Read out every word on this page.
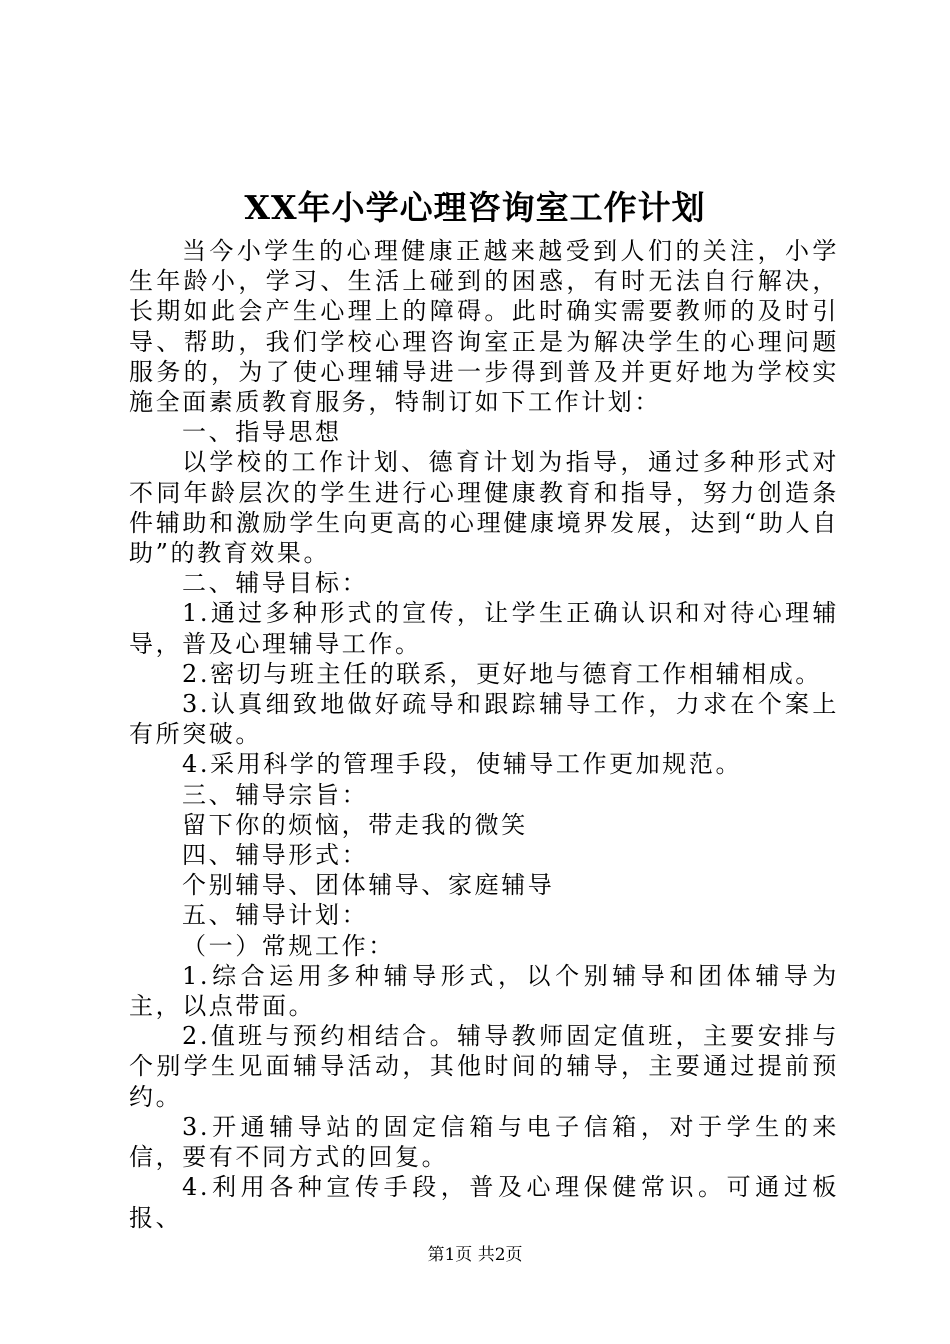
XX年小学心理咨询室工作计划

当今小学生的心理健康正越来越受到人们的关注，小学生年龄小，学习、生活上碰到的困惑，有时无法自行解决，长期如此会产生心理上的障碍。此时确实需要教师的及时引导、帮助，我们学校心理咨询室正是为解决学生的心理问题服务的，为了使心理辅导进一步得到普及并更好地为学校实施全面素质教育服务，特制订如下工作计划：

一、指导思想

以学校的工作计划、德育计划为指导，通过多种形式对不同年龄层次的学生进行心理健康教育和指导，努力创造条件辅助和激励学生向更高的心理健康境界发展，达到“助人自助”的教育效果。

二、辅导目标：

1.通过多种形式的宣传，让学生正确认识和对待心理辅导，普及心理辅导工作。

2.密切与班主任的联系，更好地与德育工作相辅相成。

3.认真细致地做好疏导和跟踪辅导工作，力求在个案上有所突破。

4.采用科学的管理手段，使辅导工作更加规范。

三、辅导宗旨：

留下你的烦恼，带走我的微笑

四、辅导形式：

个别辅导、团体辅导、家庭辅导

五、辅导计划：

（一）常规工作：

1.综合运用多种辅导形式，以个别辅导和团体辅导为主，以点带面。

2.值班与预约相结合。辅导教师固定值班，主要安排与个别学生见面辅导活动，其他时间的辅导，主要通过提前预约。

3.开通辅导站的固定信箱与电子信箱，对于学生的来信，要有不同方式的回复。

4.利用各种宣传手段，普及心理保健常识。可通过板报、

第1页 共2页
